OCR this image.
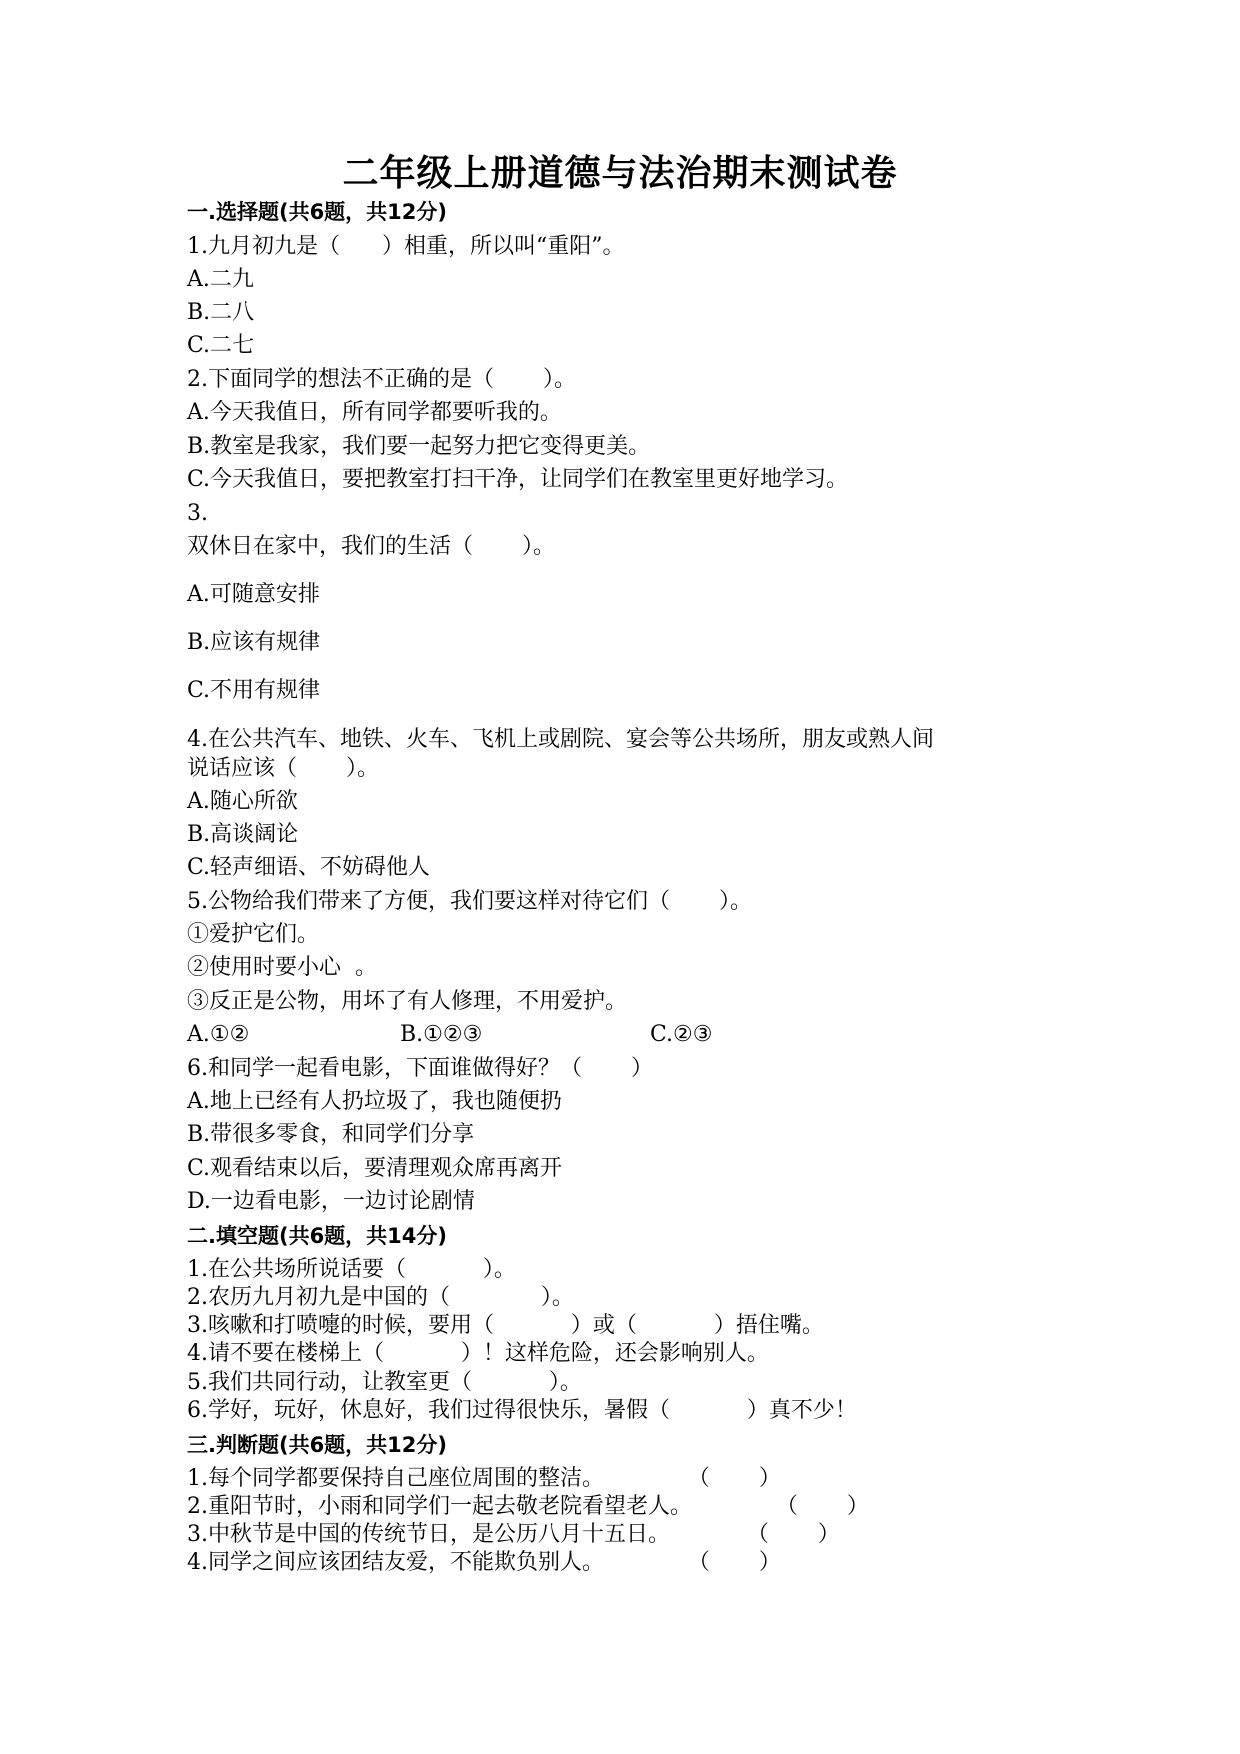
二年级上册道德与法治期末测试卷
一.选择题(共6题，共12分)
1.九月初九是（      ）相重，所以叫“重阳”。
A.二九
B.二八
C.二七
2.下面同学的想法不正确的是（       ）。
A.今天我值日，所有同学都要听我的。
B.教室是我家，我们要一起努力把它变得更美。
C.今天我值日，要把教室打扫干净，让同学们在教室里更好地学习。
3.
双休日在家中，我们的生活（       ）。
A.可随意安排
B.应该有规律
C.不用有规律
4.在公共汽车、地铁、火车、飞机上或剧院、宴会等公共场所，朋友或熟人间
说话应该（       ）。
A.随心所欲
B.高谈阔论
C.轻声细语、不妨碍他人
5.公物给我们带来了方便，我们要这样对待它们（       ）。
①爱护它们。
②使用时要小心  。
③反正是公物，用坏了有人修理，不用爱护。
A.①②	B.①②③	C.②③
6.和同学一起看电影，下面谁做得好？（       ）
A.地上已经有人扔垃圾了，我也随便扔
B.带很多零食，和同学们分享
C.观看结束以后，要清理观众席再离开
D.一边看电影，一边讨论剧情
二.填空题(共6题，共14分)
1.在公共场所说话要（           ）。
2.农历九月初九是中国的（             ）。
3.咳嗽和打喷嚏的时候，要用（           ）或（           ）捂住嘴。
4.请不要在楼梯上（           ）！这样危险，还会影响别人。
5.我们共同行动，让教室更（           ）。
6.学好，玩好，休息好，我们过得很快乐，暑假（           ）真不少！
三.判断题(共6题，共12分)
1.每个同学都要保持自己座位周围的整洁。            （       ）
2.重阳节时，小雨和同学们一起去敬老院看望老人。            （       ）
3.中秋节是中国的传统节日，是公历八月十五日。           （       ）
4.同学之间应该团结友爱，不能欺负别人。            （       ）
